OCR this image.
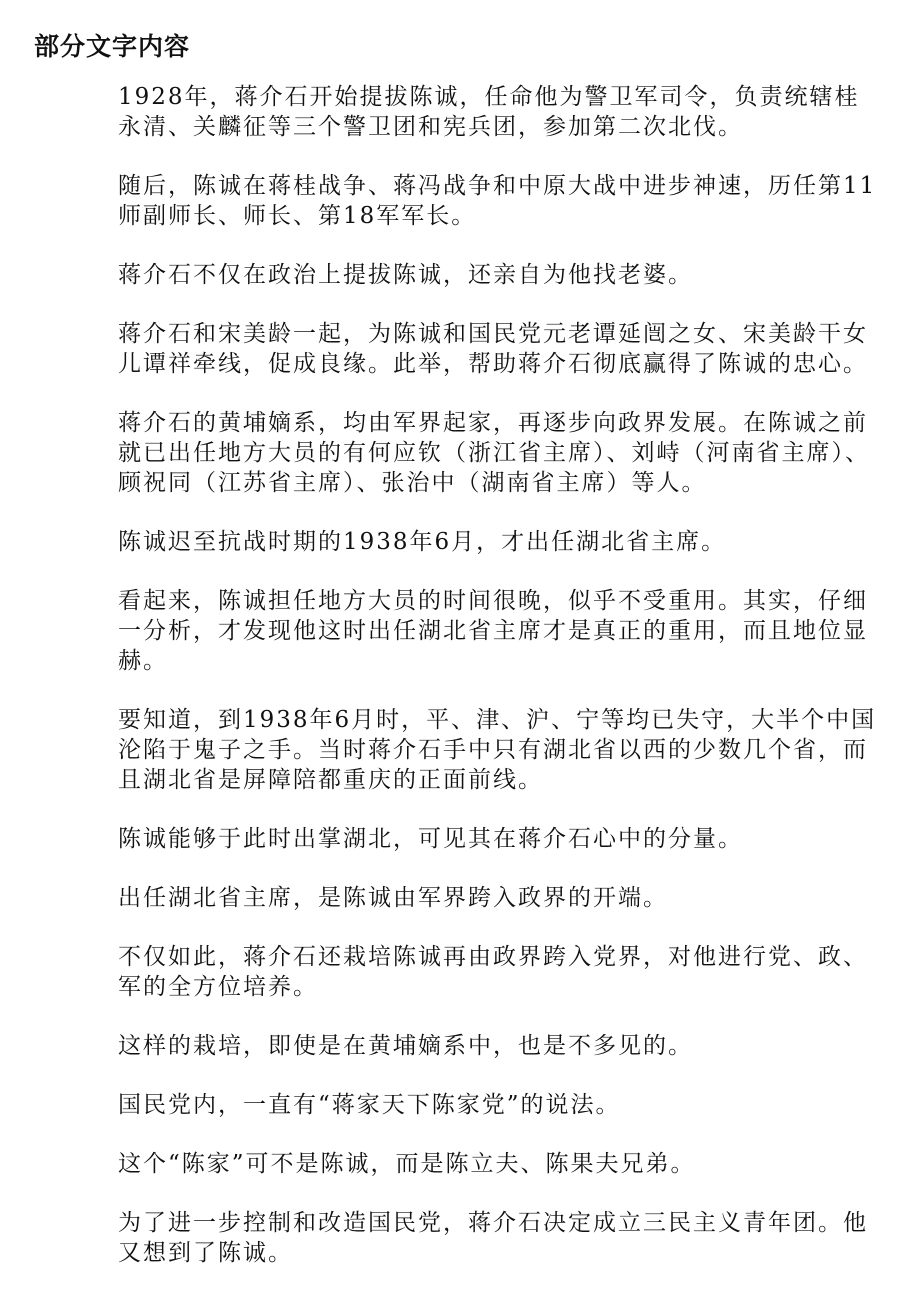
部分文字内容

1928年，蒋介石开始提拔陈诚，任命他为警卫军司令，负责统辖桂永清、关麟征等三个警卫团和宪兵团，参加第二次北伐。

随后，陈诚在蒋桂战争、蒋冯战争和中原大战中进步神速，历任第11师副师长、师长、第18军军长。

蒋介石不仅在政治上提拔陈诚，还亲自为他找老婆。

蒋介石和宋美龄一起，为陈诚和国民党元老谭延闿之女、宋美龄干女儿谭祥牵线，促成良缘。此举，帮助蒋介石彻底赢得了陈诚的忠心。

蒋介石的黄埔嫡系，均由军界起家，再逐步向政界发展。在陈诚之前就已出任地方大员的有何应钦（浙江省主席）、刘峙（河南省主席）、顾祝同（江苏省主席）、张治中（湖南省主席）等人。

陈诚迟至抗战时期的1938年6月，才出任湖北省主席。

看起来，陈诚担任地方大员的时间很晚，似乎不受重用。其实，仔细一分析，才发现他这时出任湖北省主席才是真正的重用，而且地位显赫。

要知道，到1938年6月时，平、津、沪、宁等均已失守，大半个中国沦陷于鬼子之手。当时蒋介石手中只有湖北省以西的少数几个省，而且湖北省是屏障陪都重庆的正面前线。

陈诚能够于此时出掌湖北，可见其在蒋介石心中的分量。

出任湖北省主席，是陈诚由军界跨入政界的开端。

不仅如此，蒋介石还栽培陈诚再由政界跨入党界，对他进行党、政、军的全方位培养。

这样的栽培，即使是在黄埔嫡系中，也是不多见的。

国民党内，一直有“蒋家天下陈家党”的说法。

这个“陈家”可不是陈诚，而是陈立夫、陈果夫兄弟。

为了进一步控制和改造国民党，蒋介石决定成立三民主义青年团。他又想到了陈诚。
